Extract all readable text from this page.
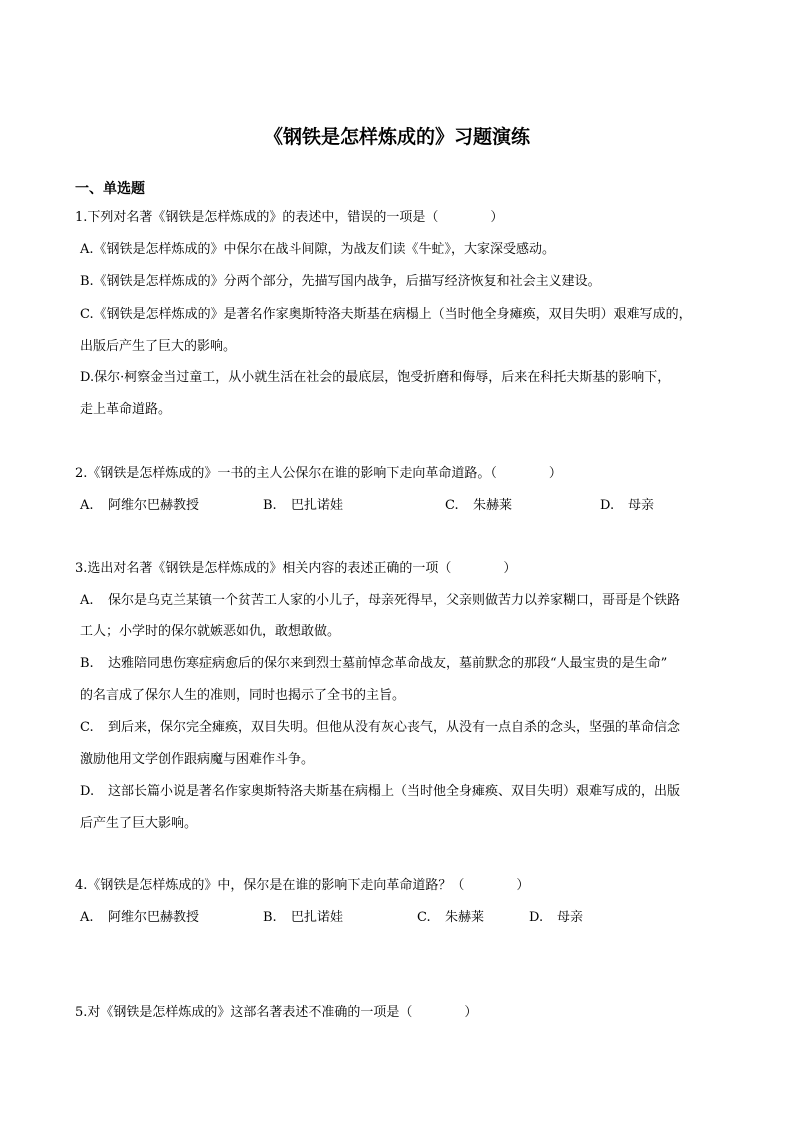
《钢铁是怎样炼成的》习题演练
一、单选题
1.下列对名著《钢铁是怎样炼成的》的表述中，错误的一项是（　　　　）
A.《钢铁是怎样炼成的》中保尔在战斗间隙，为战友们读《牛虻》，大家深受感动。
B.《钢铁是怎样炼成的》分两个部分，先描写国内战争，后描写经济恢复和社会主义建设。
C.《钢铁是怎样炼成的》是著名作家奥斯特洛夫斯基在病榻上（当时他全身瘫痪，双目失明）艰难写成的，
出版后产生了巨大的影响。
D.保尔·柯察金当过童工，从小就生活在社会的最底层，饱受折磨和侮辱，后来在科托夫斯基的影响下，
走上革命道路。
2.《钢铁是怎样炼成的》一书的主人公保尔在谁的影响下走向革命道路。（　　　　）
A. 阿维尔巴赫教授	B. 巴扎诺娃	C. 朱赫莱	D. 母亲
3.选出对名著《钢铁是怎样炼成的》相关内容的表述正确的一项（　　　　）
A. 保尔是乌克兰某镇一个贫苦工人家的小儿子，母亲死得早，父亲则做苦力以养家糊口，哥哥是个铁路
工人；小学时的保尔就嫉恶如仇，敢想敢做。
B. 达雅陪同患伤寒症病愈后的保尔来到烈士墓前悼念革命战友，墓前默念的那段“人最宝贵的是生命”
的名言成了保尔人生的准则，同时也揭示了全书的主旨。
C. 到后来，保尔完全瘫痪，双目失明。但他从没有灰心丧气，从没有一点自杀的念头，坚强的革命信念
激励他用文学创作跟病魔与困难作斗争。
D. 这部长篇小说是著名作家奥斯特洛夫斯基在病榻上（当时他全身瘫痪、双目失明）艰难写成的，出版
后产生了巨大影响。
4.《钢铁是怎样炼成的》中，保尔是在谁的影响下走向革命道路？（　　　　）
A. 阿维尔巴赫教授	B. 巴扎诺娃	C. 朱赫莱	D. 母亲
5.对《钢铁是怎样炼成的》这部名著表述不准确的一项是（　　　　）
